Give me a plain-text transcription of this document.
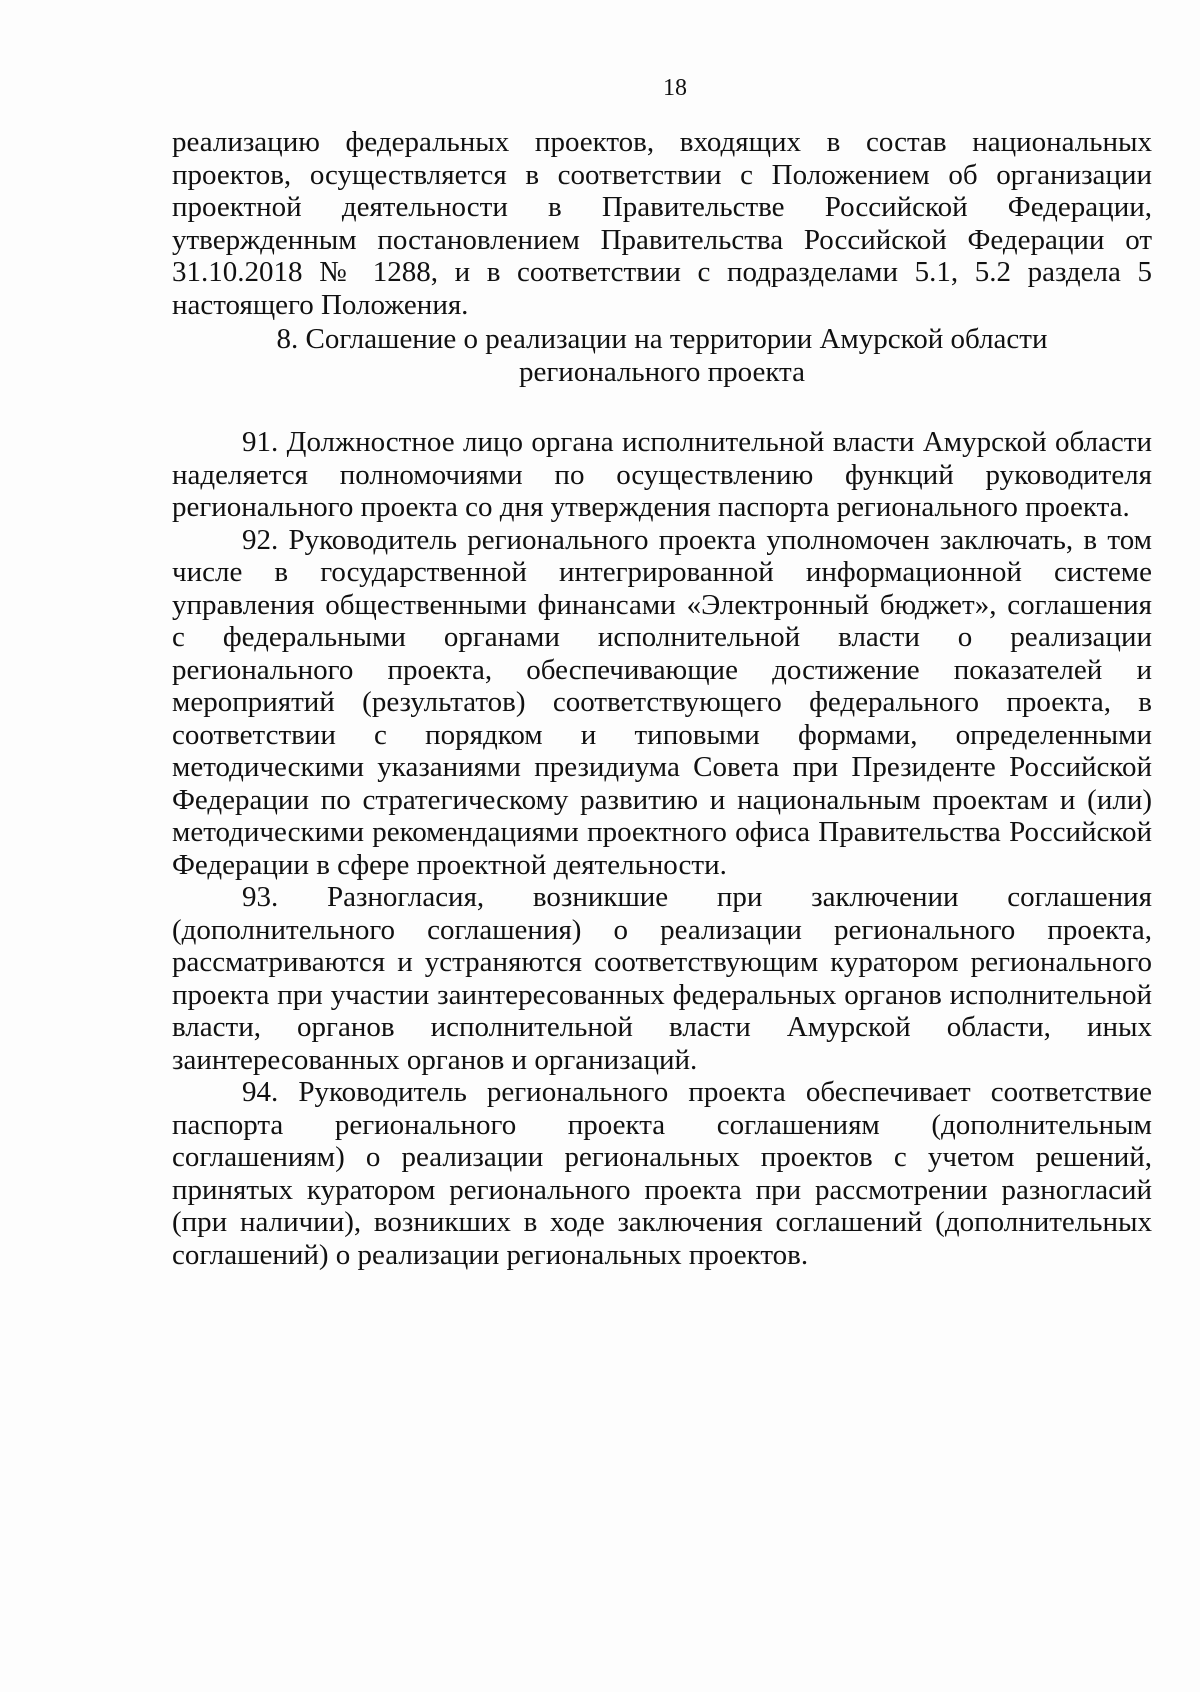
18

реализацию федеральных проектов, входящих в состав национальных проектов, осуществляется в соответствии с Положением об организации проектной деятельности в Правительстве Российской Федерации, утвержденным постановлением Правительства Российской Федерации от 31.10.2018 № 1288, и в соответствии с подразделами 5.1, 5.2 раздела 5 настоящего Положения.

8. Соглашение о реализации на территории Амурской области
регионального проекта

91. Должностное лицо органа исполнительной власти Амурской области наделяется полномочиями по осуществлению функций руководителя регионального проекта со дня утверждения паспорта регионального проекта.

92. Руководитель регионального проекта уполномочен заключать, в том числе в государственной интегрированной информационной системе управления общественными финансами «Электронный бюджет», соглашения с федеральными органами исполнительной власти о реализации регионального проекта, обеспечивающие достижение показателей и мероприятий (результатов) соответствующего федерального проекта, в соответствии с порядком и типовыми формами, определенными методическими указаниями президиума Совета при Президенте Российской Федерации по стратегическому развитию и национальным проектам и (или) методическими рекомендациями проектного офиса Правительства Российской Федерации в сфере проектной деятельности.

93. Разногласия, возникшие при заключении соглашения (дополнительного соглашения) о реализации регионального проекта, рассматриваются и устраняются соответствующим куратором регионального проекта при участии заинтересованных федеральных органов исполнительной власти, органов исполнительной власти Амурской области, иных заинтересованных органов и организаций.

94. Руководитель регионального проекта обеспечивает соответствие паспорта регионального проекта соглашениям (дополнительным соглашениям) о реализации региональных проектов с учетом решений, принятых куратором регионального проекта при рассмотрении разногласий (при наличии), возникших в ходе заключения соглашений (дополнительных соглашений) о реализации региональных проектов.
